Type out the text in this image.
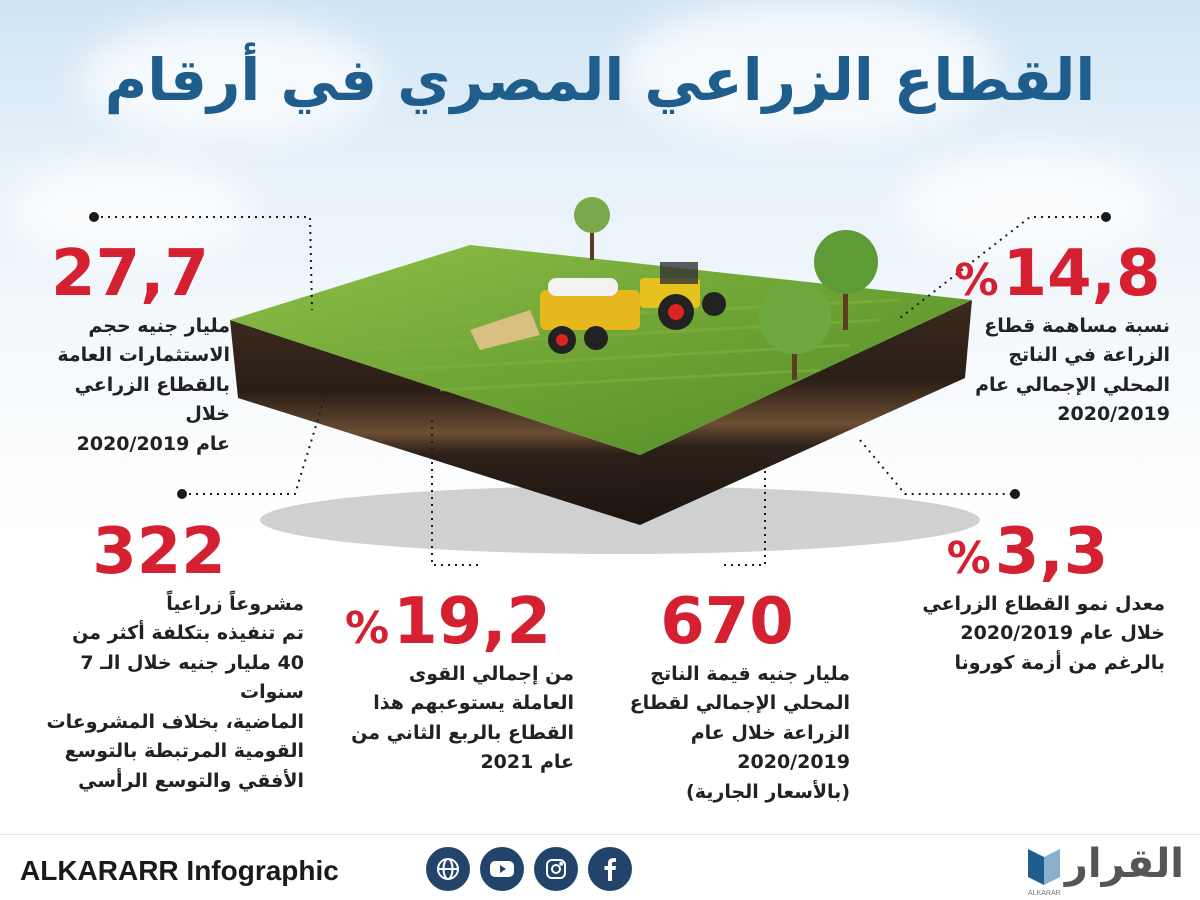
القطاع الزراعي المصري في أرقام
27,7
مليار جنيه حجم
الاستثمارات العامة
بالقطاع الزراعي خلال
عام 2020/2019
%14,8
نسبة مساهمة قطاع
الزراعة في الناتج
المحلي الإجمالي عام
2020/2019
322
مشروعاً زراعياً
تم تنفيذه بتكلفة أكثر من
40 مليار جنيه خلال الـ 7 سنوات
الماضية، بخلاف المشروعات
القومية المرتبطة بالتوسع
الأفقي والتوسع الرأسي
%19,2
من إجمالي القوى
العاملة يستوعبهم هذا
القطاع بالربع الثاني من
عام 2021
670
مليار جنيه قيمة الناتج
المحلي الإجمالي لقطاع
الزراعة خلال عام
2020/2019
(بالأسعار الجارية)
%3,3
معدل نمو القطاع الزراعي
خلال عام 2020/2019
بالرغم من أزمة كورونا
ALKARARR Infographic	القرار
ALKARAR
